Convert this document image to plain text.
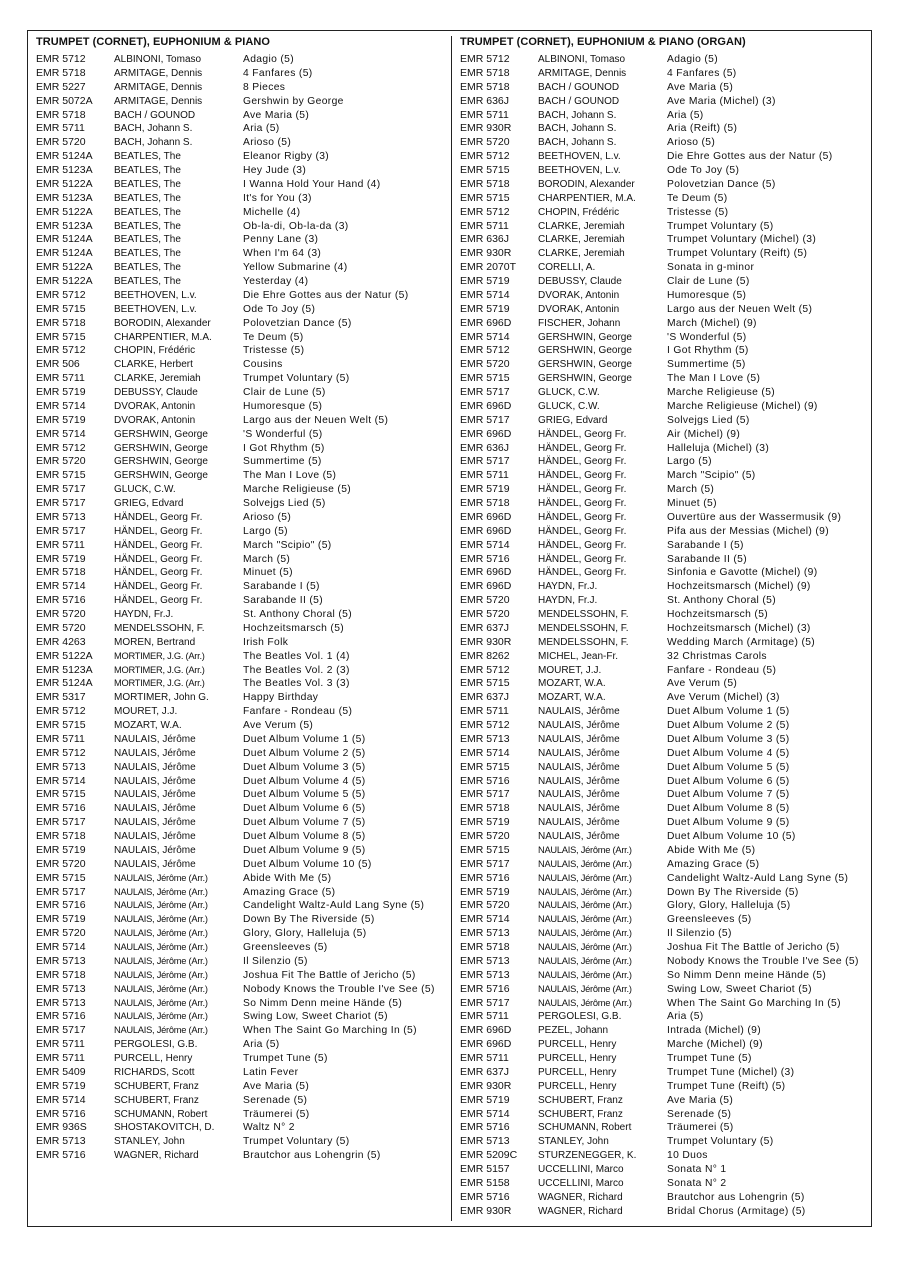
TRUMPET (CORNET), EUPHONIUM & PIANO
EMR 5712	ALBINONI, Tomaso	Adagio (5)
EMR 5718	ARMITAGE, Dennis	4 Fanfares (5)
EMR 5227	ARMITAGE, Dennis	8 Pieces
EMR 5072A	ARMITAGE, Dennis	Gershwin by George
EMR 5718	BACH / GOUNOD	Ave Maria (5)
EMR 5711	BACH, Johann S.	Aria (5)
EMR 5720	BACH, Johann S.	Arioso (5)
EMR 5124A	BEATLES, The	Eleanor Rigby (3)
EMR 5123A	BEATLES, The	Hey Jude (3)
EMR 5122A	BEATLES, The	I Wanna Hold Your Hand (4)
EMR 5123A	BEATLES, The	It's for You (3)
EMR 5122A	BEATLES, The	Michelle (4)
EMR 5123A	BEATLES, The	Ob-la-di, Ob-la-da (3)
EMR 5124A	BEATLES, The	Penny Lane (3)
EMR 5124A	BEATLES, The	When I'm 64 (3)
EMR 5122A	BEATLES, The	Yellow Submarine (4)
EMR 5122A	BEATLES, The	Yesterday (4)
EMR 5712	BEETHOVEN, L.v.	Die Ehre Gottes aus der Natur (5)
EMR 5715	BEETHOVEN, L.v.	Ode To Joy (5)
EMR 5718	BORODIN, Alexander	Polovetzian Dance (5)
EMR 5715	CHARPENTIER, M.A.	Te Deum (5)
EMR 5712	CHOPIN, Frédéric	Tristesse (5)
EMR 506	CLARKE, Herbert	Cousins
EMR 5711	CLARKE, Jeremiah	Trumpet Voluntary (5)
EMR 5719	DEBUSSY, Claude	Clair de Lune (5)
EMR 5714	DVORAK, Antonin	Humoresque (5)
EMR 5719	DVORAK, Antonin	Largo aus der Neuen Welt (5)
EMR 5714	GERSHWIN, George	'S Wonderful (5)
EMR 5712	GERSHWIN, George	I Got Rhythm (5)
EMR 5720	GERSHWIN, George	Summertime (5)
EMR 5715	GERSHWIN, George	The Man I Love (5)
EMR 5717	GLUCK, C.W.	Marche Religieuse (5)
EMR 5717	GRIEG, Edvard	Solvejgs Lied (5)
EMR 5713	HÄNDEL, Georg Fr.	Arioso (5)
EMR 5717	HÄNDEL, Georg Fr.	Largo (5)
EMR 5711	HÄNDEL, Georg Fr.	March "Scipio" (5)
EMR 5719	HÄNDEL, Georg Fr.	March (5)
EMR 5718	HÄNDEL, Georg Fr.	Minuet (5)
EMR 5714	HÄNDEL, Georg Fr.	Sarabande I (5)
EMR 5716	HÄNDEL, Georg Fr.	Sarabande II (5)
EMR 5720	HAYDN, Fr.J.	St. Anthony Choral (5)
EMR 5720	MENDELSSOHN, F.	Hochzeitsmarsch (5)
EMR 4263	MOREN, Bertrand	Irish Folk
EMR 5122A	MORTIMER, J.G. (Arr.)	The Beatles Vol. 1 (4)
EMR 5123A	MORTIMER, J.G. (Arr.)	The Beatles Vol. 2 (3)
EMR 5124A	MORTIMER, J.G. (Arr.)	The Beatles Vol. 3 (3)
EMR 5317	MORTIMER, John G.	Happy Birthday
EMR 5712	MOURET, J.J.	Fanfare - Rondeau (5)
EMR 5715	MOZART, W.A.	Ave Verum (5)
EMR 5711	NAULAIS, Jérôme	Duet Album Volume 1 (5)
EMR 5712	NAULAIS, Jérôme	Duet Album Volume 2 (5)
EMR 5713	NAULAIS, Jérôme	Duet Album Volume 3 (5)
EMR 5714	NAULAIS, Jérôme	Duet Album Volume 4 (5)
EMR 5715	NAULAIS, Jérôme	Duet Album Volume 5 (5)
EMR 5716	NAULAIS, Jérôme	Duet Album Volume 6 (5)
EMR 5717	NAULAIS, Jérôme	Duet Album Volume 7 (5)
EMR 5718	NAULAIS, Jérôme	Duet Album Volume 8 (5)
EMR 5719	NAULAIS, Jérôme	Duet Album Volume 9 (5)
EMR 5720	NAULAIS, Jérôme	Duet Album Volume 10 (5)
EMR 5715	NAULAIS, Jérôme (Arr.)	Abide With Me (5)
EMR 5717	NAULAIS, Jérôme (Arr.)	Amazing Grace (5)
EMR 5716	NAULAIS, Jérôme (Arr.)	Candelight Waltz-Auld Lang Syne (5)
EMR 5719	NAULAIS, Jérôme (Arr.)	Down By The Riverside (5)
EMR 5720	NAULAIS, Jérôme (Arr.)	Glory, Glory, Halleluja (5)
EMR 5714	NAULAIS, Jérôme (Arr.)	Greensleeves (5)
EMR 5713	NAULAIS, Jérôme (Arr.)	Il Silenzio (5)
EMR 5718	NAULAIS, Jérôme (Arr.)	Joshua Fit The Battle of Jericho (5)
EMR 5713	NAULAIS, Jérôme (Arr.)	Nobody Knows the Trouble I've See (5)
EMR 5713	NAULAIS, Jérôme (Arr.)	So Nimm Denn meine Hände (5)
EMR 5716	NAULAIS, Jérôme (Arr.)	Swing Low, Sweet Chariot (5)
EMR 5717	NAULAIS, Jérôme (Arr.)	When The Saint Go Marching In (5)
EMR 5711	PERGOLESI, G.B.	Aria (5)
EMR 5711	PURCELL, Henry	Trumpet Tune (5)
EMR 5409	RICHARDS, Scott	Latin Fever
EMR 5719	SCHUBERT, Franz	Ave Maria (5)
EMR 5714	SCHUBERT, Franz	Serenade (5)
EMR 5716	SCHUMANN, Robert	Träumerei (5)
EMR 936S	SHOSTAKOVITCH, D.	Waltz N° 2
EMR 5713	STANLEY, John	Trumpet Voluntary (5)
EMR 5716	WAGNER, Richard	Brautchor aus Lohengrin (5)
TRUMPET (CORNET), EUPHONIUM & PIANO (ORGAN)
EMR 5712	ALBINONI, Tomaso	Adagio (5)
EMR 5718	ARMITAGE, Dennis	4 Fanfares (5)
EMR 5718	BACH / GOUNOD	Ave Maria (5)
EMR 636J	BACH / GOUNOD	Ave Maria (Michel) (3)
EMR 5711	BACH, Johann S.	Aria (5)
EMR 930R	BACH, Johann S.	Aria (Reift) (5)
EMR 5720	BACH, Johann S.	Arioso (5)
EMR 5712	BEETHOVEN, L.v.	Die Ehre Gottes aus der Natur (5)
EMR 5715	BEETHOVEN, L.v.	Ode To Joy (5)
EMR 5718	BORODIN, Alexander	Polovetzian Dance (5)
EMR 5715	CHARPENTIER, M.A.	Te Deum (5)
EMR 5712	CHOPIN, Frédéric	Tristesse (5)
EMR 5711	CLARKE, Jeremiah	Trumpet Voluntary (5)
EMR 636J	CLARKE, Jeremiah	Trumpet Voluntary (Michel) (3)
EMR 930R	CLARKE, Jeremiah	Trumpet Voluntary (Reift) (5)
EMR 2070T	CORELLI, A.	Sonata in g-minor
EMR 5719	DEBUSSY, Claude	Clair de Lune (5)
EMR 5714	DVORAK, Antonin	Humoresque (5)
EMR 5719	DVORAK, Antonin	Largo aus der Neuen Welt (5)
EMR 696D	FISCHER, Johann	March (Michel) (9)
EMR 5714	GERSHWIN, George	'S Wonderful (5)
EMR 5712	GERSHWIN, George	I Got Rhythm (5)
EMR 5720	GERSHWIN, George	Summertime (5)
EMR 5715	GERSHWIN, George	The Man I Love (5)
EMR 5717	GLUCK, C.W.	Marche Religieuse (5)
EMR 696D	GLUCK, C.W.	Marche Religieuse (Michel) (9)
EMR 5717	GRIEG, Edvard	Solvejgs Lied (5)
EMR 696D	HÄNDEL, Georg Fr.	Air (Michel) (9)
EMR 636J	HÄNDEL, Georg Fr.	Halleluja (Michel) (3)
EMR 5717	HÄNDEL, Georg Fr.	Largo (5)
EMR 5711	HÄNDEL, Georg Fr.	March "Scipio" (5)
EMR 5719	HÄNDEL, Georg Fr.	March (5)
EMR 5718	HÄNDEL, Georg Fr.	Minuet (5)
EMR 696D	HÄNDEL, Georg Fr.	Ouvertüre aus der Wassermusik (9)
EMR 696D	HÄNDEL, Georg Fr.	Pifa aus der Messias (Michel) (9)
EMR 5714	HÄNDEL, Georg Fr.	Sarabande I (5)
EMR 5716	HÄNDEL, Georg Fr.	Sarabande II (5)
EMR 696D	HÄNDEL, Georg Fr.	Sinfonia e Gavotte (Michel) (9)
EMR 696D	HAYDN, Fr.J.	Hochzeitsmarsch (Michel) (9)
EMR 5720	HAYDN, Fr.J.	St. Anthony Choral (5)
EMR 5720	MENDELSSOHN, F.	Hochzeitsmarsch (5)
EMR 637J	MENDELSSOHN, F.	Hochzeitsmarsch (Michel) (3)
EMR 930R	MENDELSSOHN, F.	Wedding March (Armitage) (5)
EMR 8262	MICHEL, Jean-Fr.	32 Christmas Carols
EMR 5712	MOURET, J.J.	Fanfare - Rondeau (5)
EMR 5715	MOZART, W.A.	Ave Verum (5)
EMR 637J	MOZART, W.A.	Ave Verum (Michel) (3)
EMR 5711	NAULAIS, Jérôme	Duet Album Volume 1 (5)
EMR 5712	NAULAIS, Jérôme	Duet Album Volume 2 (5)
EMR 5713	NAULAIS, Jérôme	Duet Album Volume 3 (5)
EMR 5714	NAULAIS, Jérôme	Duet Album Volume 4 (5)
EMR 5715	NAULAIS, Jérôme	Duet Album Volume 5 (5)
EMR 5716	NAULAIS, Jérôme	Duet Album Volume 6 (5)
EMR 5717	NAULAIS, Jérôme	Duet Album Volume 7 (5)
EMR 5718	NAULAIS, Jérôme	Duet Album Volume 8 (5)
EMR 5719	NAULAIS, Jérôme	Duet Album Volume 9 (5)
EMR 5720	NAULAIS, Jérôme	Duet Album Volume 10 (5)
EMR 5715	NAULAIS, Jérôme (Arr.)	Abide With Me (5)
EMR 5717	NAULAIS, Jérôme (Arr.)	Amazing Grace (5)
EMR 5716	NAULAIS, Jérôme (Arr.)	Candelight Waltz-Auld Lang Syne (5)
EMR 5719	NAULAIS, Jérôme (Arr.)	Down By The Riverside (5)
EMR 5720	NAULAIS, Jérôme (Arr.)	Glory, Glory, Halleluja (5)
EMR 5714	NAULAIS, Jérôme (Arr.)	Greensleeves (5)
EMR 5713	NAULAIS, Jérôme (Arr.)	Il Silenzio (5)
EMR 5718	NAULAIS, Jérôme (Arr.)	Joshua Fit The Battle of Jericho (5)
EMR 5713	NAULAIS, Jérôme (Arr.)	Nobody Knows the Trouble I've See (5)
EMR 5713	NAULAIS, Jérôme (Arr.)	So Nimm Denn meine Hände (5)
EMR 5716	NAULAIS, Jérôme (Arr.)	Swing Low, Sweet Chariot (5)
EMR 5717	NAULAIS, Jérôme (Arr.)	When The Saint Go Marching In (5)
EMR 5711	PERGOLESI, G.B.	Aria (5)
EMR 696D	PEZEL, Johann	Intrada (Michel) (9)
EMR 696D	PURCELL, Henry	Marche (Michel) (9)
EMR 5711	PURCELL, Henry	Trumpet Tune (5)
EMR 637J	PURCELL, Henry	Trumpet Tune (Michel) (3)
EMR 930R	PURCELL, Henry	Trumpet Tune (Reift) (5)
EMR 5719	SCHUBERT, Franz	Ave Maria (5)
EMR 5714	SCHUBERT, Franz	Serenade (5)
EMR 5716	SCHUMANN, Robert	Träumerei (5)
EMR 5713	STANLEY, John	Trumpet Voluntary (5)
EMR 5209C	STURZENEGGER, K.	10 Duos
EMR 5157	UCCELLINI, Marco	Sonata N° 1
EMR 5158	UCCELLINI, Marco	Sonata N° 2
EMR 5716	WAGNER, Richard	Brautchor aus Lohengrin (5)
EMR 930R	WAGNER, Richard	Bridal Chorus (Armitage) (5)
